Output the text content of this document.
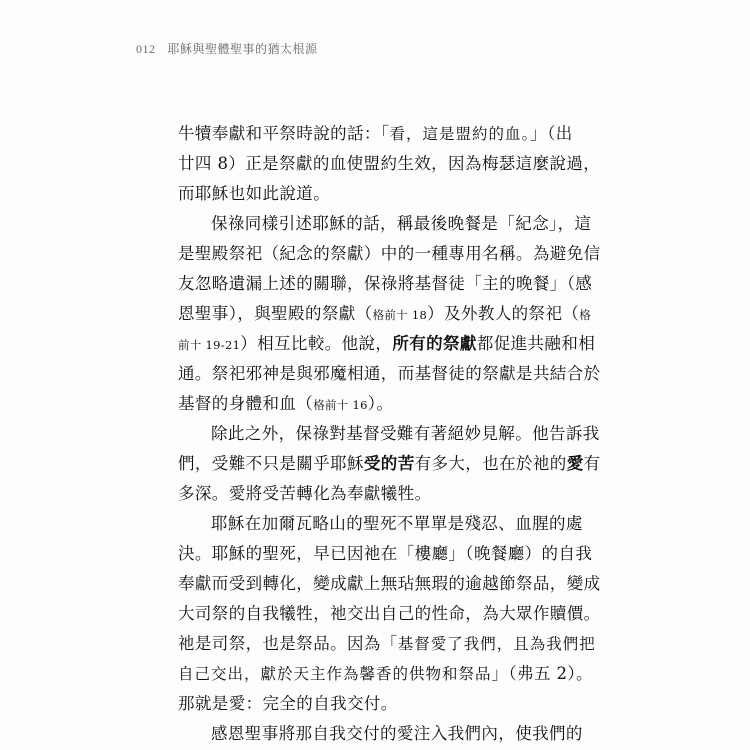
012 耶穌與聖體聖事的猶太根源
牛犢奉獻和平祭時說的話：「看，這是盟約的血。」（出
廿四 8）正是祭獻的血使盟約生效，因為梅瑟這麼說過，
而耶穌也如此說道。
保祿同樣引述耶穌的話，稱最後晚餐是「紀念」，這
是聖殿祭祀（紀念的祭獻）中的一種專用名稱。為避免信
友忽略遺漏上述的關聯，保祿將基督徒「主的晚餐」（感
恩聖事），與聖殿的祭獻（格前十 18）及外教人的祭祀（格
前十 19-21）相互比較。他說，所有的祭獻都促進共融和相
通。祭祀邪神是與邪魔相通，而基督徒的祭獻是共結合於
基督的身體和血（格前十 16）。
除此之外，保祿對基督受難有著絕妙見解。他告訴我
們，受難不只是關乎耶穌受的苦有多大，也在於祂的愛有
多深。愛將受苦轉化為奉獻犧牲。
耶穌在加爾瓦略山的聖死不單單是殘忍、血腥的處
決。耶穌的聖死，早已因祂在「樓廳」（晚餐廳）的自我
奉獻而受到轉化，變成獻上無玷無瑕的逾越節祭品，變成
大司祭的自我犧牲，祂交出自己的性命，為大眾作贖價。
祂是司祭，也是祭品。因為「基督愛了我們，且為我們把
自己交出，獻於天主作為馨香的供物和祭品」（弗五 2）。
那就是愛：完全的自我交付。
感恩聖事將那自我交付的愛注入我們內，使我們的
